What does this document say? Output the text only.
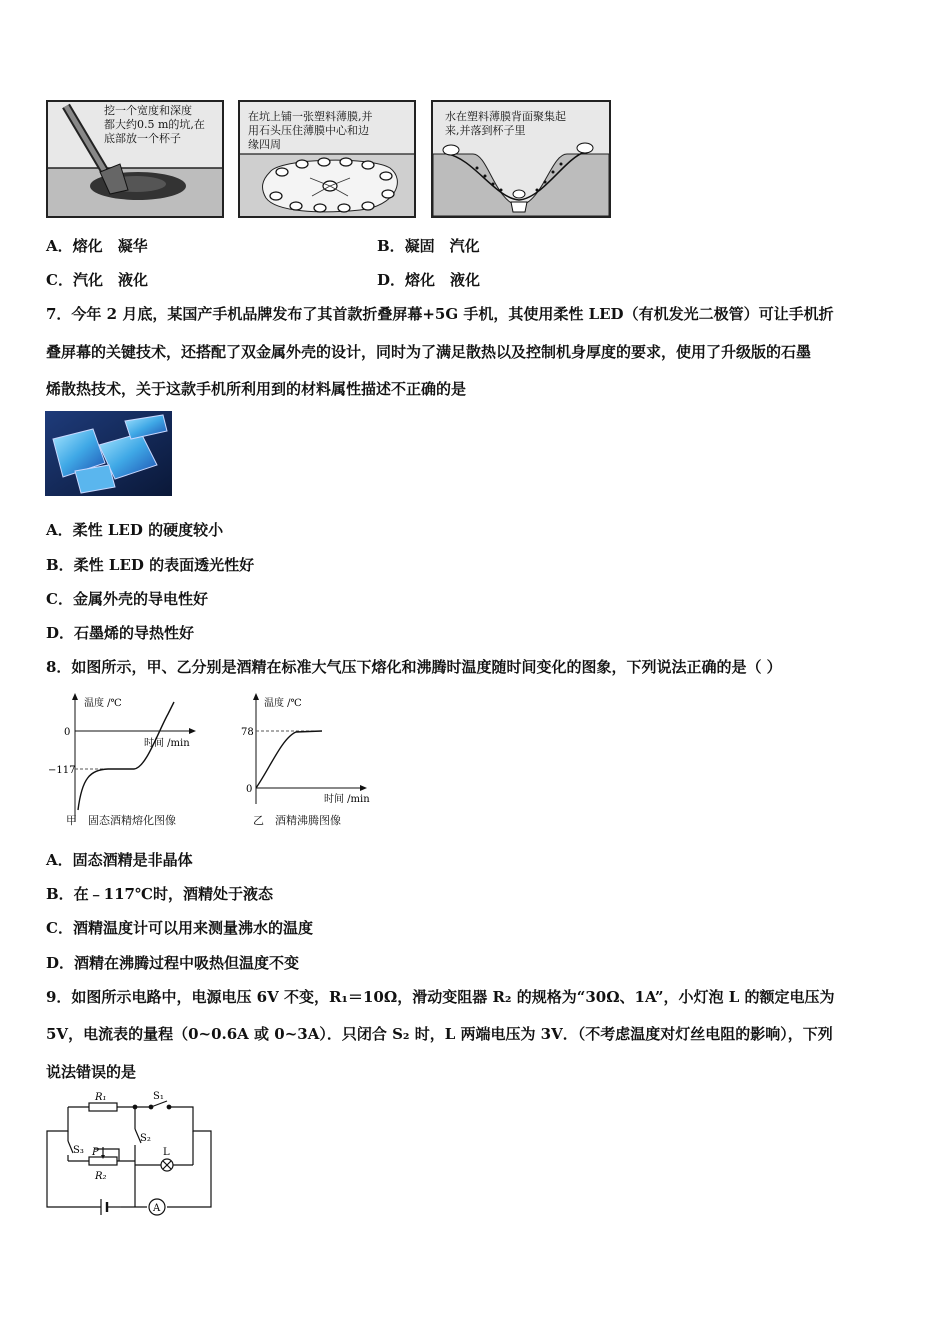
挖一个宽度和深度
都大约0.5 m的坑,在
底部放一个杯子
在坑上铺一张塑料薄膜,并
用石头压住薄膜中心和边
缘四周
水在塑料薄膜背面聚集起
来,并落到杯子里
A．熔化　凝华	B．凝固　汽化
C．汽化　液化	D．熔化　液化
7．今年 2 月底，某国产手机品牌发布了其首款折叠屏幕+5G 手机，其使用柔性 LED（有机发光二极管）可让手机折
叠屏幕的关键技术，还搭配了双金属外壳的设计，同时为了满足散热以及控制机身厚度的要求，使用了升级版的石墨
烯散热技术，关于这款手机所利用到的材料属性描述不正确的是
A．柔性 LED 的硬度较小
B．柔性 LED 的表面透光性好
C．金属外壳的导电性好
D．石墨烯的导热性好
8．如图所示，甲、乙分别是酒精在标准大气压下熔化和沸腾时温度随时间变化的图象，下列说法正确的是（ ）
温度 /℃
时间 /min
0
−117
甲　固态酒精熔化图像
温度 /℃
时间 /min
78
0
乙　酒精沸腾图像
A．固态酒精是非晶体
B．在﹣117℃时，酒精处于液态
C．酒精温度计可以用来测量沸水的温度
D．酒精在沸腾过程中吸热但温度不变
9．如图所示电路中，电源电压 6V 不变，R₁＝10Ω，滑动变阻器 R₂ 的规格为“30Ω、1A”，小灯泡 L 的额定电压为
5V，电流表的量程（0~0.6A 或 0~3A）．只闭合 S₂ 时，L 两端电压为 3V．（不考虑温度对灯丝电阻的影响），下列
说法错误的是
R₁	S₁
S₂
S₃ P
R₂
L
A
